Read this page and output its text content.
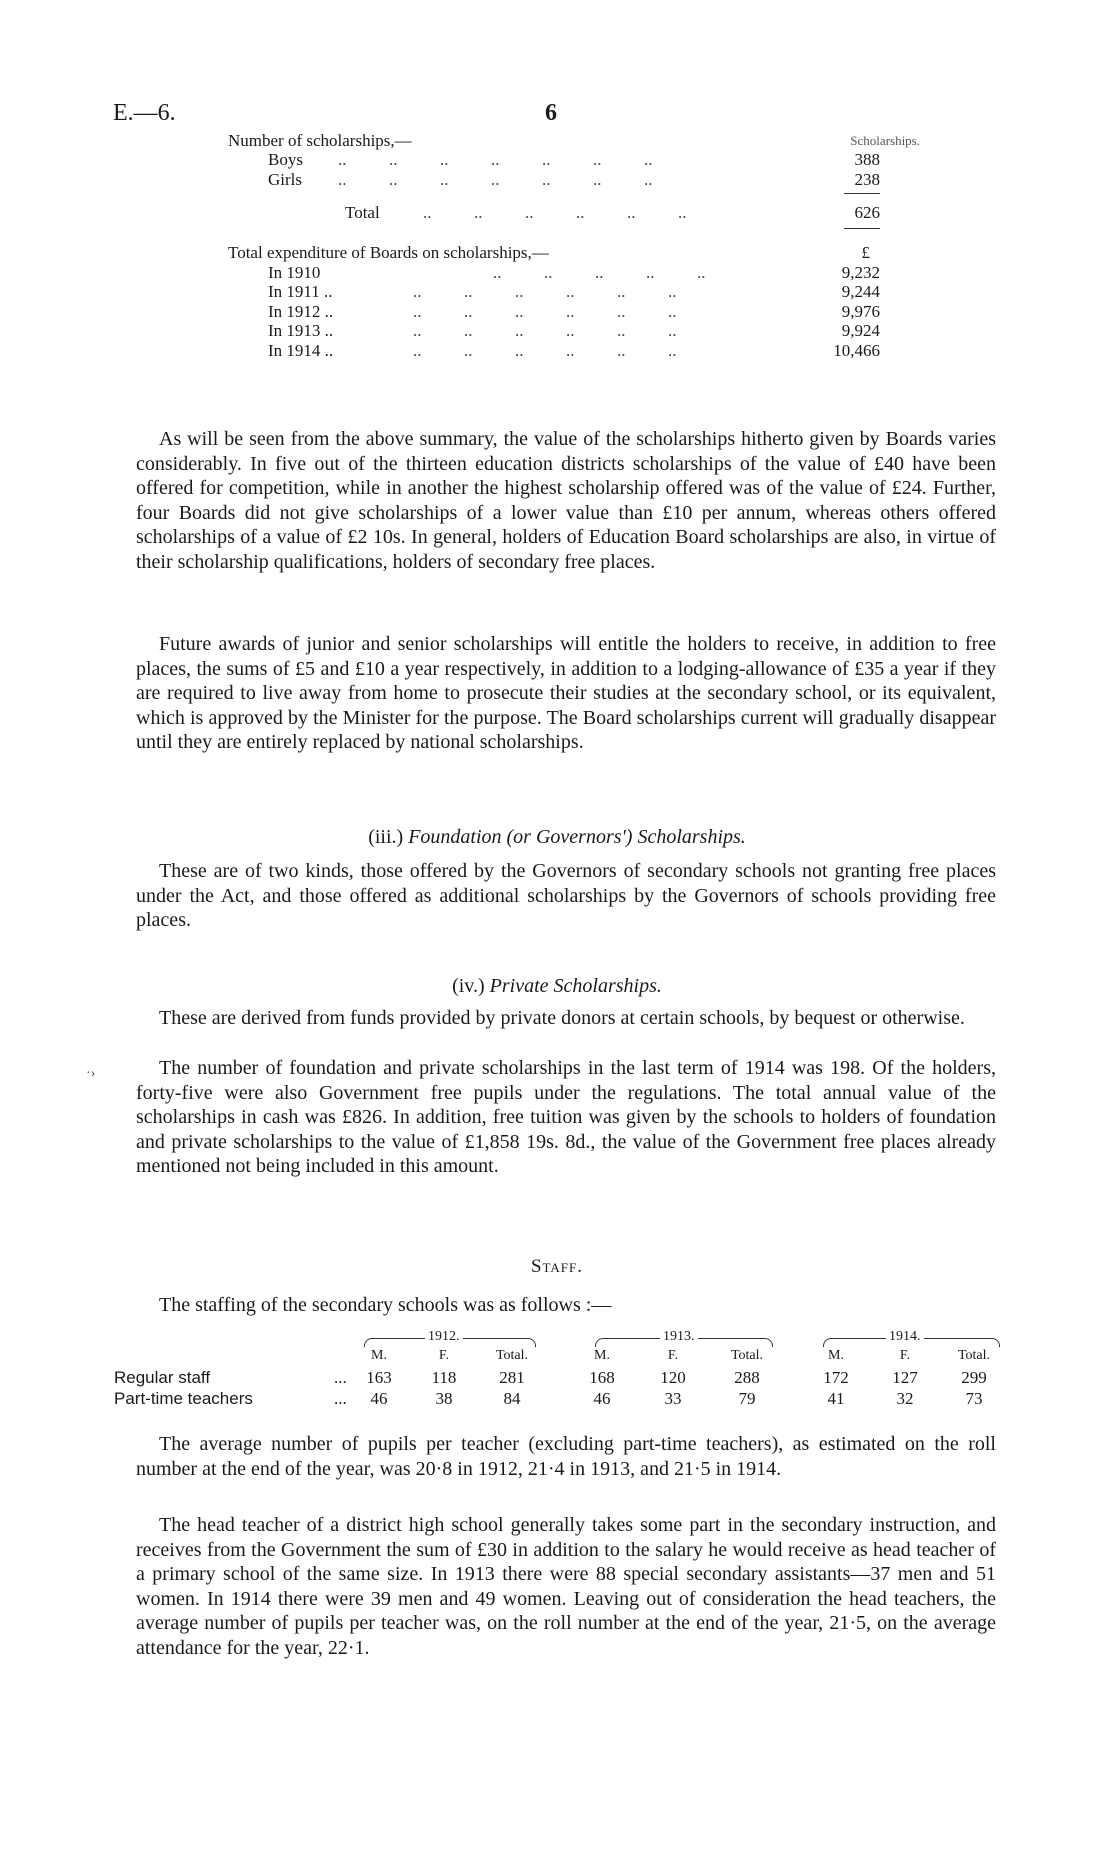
E.—6.	6
Number of scholarships,—	Scholarships.
Boys ..          ..          ..          ..          ..          ..          ..	388
Girls ..          ..          ..          ..          ..          ..          ..	238
Total	..          ..          ..          ..          ..          ..	626
Total expenditure of Boards on scholarships,—	£
In 1910	..          ..          ..          ..          ..	9,232
In 1911 ..	..          ..          ..          ..          ..          ..	9,244
In 1912 ..	..          ..          ..          ..          ..          ..	9,976
In 1913 ..	..          ..          ..          ..          ..          ..	9,924
In 1914 ..	..          ..          ..          ..          ..          ..	10,466

As will be seen from the above summary, the value of the scholarships hitherto given by Boards varies considerably. In five out of the thirteen education districts scholarships of the value of £40 have been offered for competition, while in another the highest scholarship offered was of the value of £24. Further, four Boards did not give scholarships of a lower value than £10 per annum, whereas others offered scholarships of a value of £2 10s. In general, holders of Education Board scholarships are also, in virtue of their scholarship qualifications, holders of secondary free places.

Future awards of junior and senior scholarships will entitle the holders to receive, in addition to free places, the sums of £5 and £10 a year respectively, in addition to a lodging-allowance of £35 a year if they are required to live away from home to prosecute their studies at the secondary school, or its equivalent, which is approved by the Minister for the purpose. The Board scholarships current will gradually disappear until they are entirely replaced by national scholarships.

(iii.) Foundation (or Governors') Scholarships.

These are of two kinds, those offered by the Governors of secondary schools not granting free places under the Act, and those offered as additional scholarships by the Governors of schools providing free places.

(iv.) Private Scholarships.

These are derived from funds provided by private donors at certain schools, by bequest or otherwise.

·›	The number of foundation and private scholarships in the last term of 1914 was 198. Of the holders, forty-five were also Government free pupils under the regulations. The total annual value of the scholarships in cash was £826. In addition, free tuition was given by the schools to holders of foundation and private scholarships to the value of £1,858 19s. 8d., the value of the Government free places already mentioned not being included in this amount.

Staff.

The staffing of the secondary schools was as follows :—

1912.	1913.	1914.
M.	F.	Total.	M.	F.	Total.	M.	F.	Total.
Regular staff	...	163	118	281	168	120	288	172	127	299
Part-time teachers	...	46	38	84	46	33	79	41	32	73

The average number of pupils per teacher (excluding part-time teachers), as estimated on the roll number at the end of the year, was 20·8 in 1912, 21·4 in 1913, and 21·5 in 1914.

The head teacher of a district high school generally takes some part in the secondary instruction, and receives from the Government the sum of £30 in addition to the salary he would receive as head teacher of a primary school of the same size. In 1913 there were 88 special secondary assistants—37 men and 51 women. In 1914 there were 39 men and 49 women. Leaving out of consideration the head teachers, the average number of pupils per teacher was, on the roll number at the end of the year, 21·5, on the average attendance for the year, 22·1.
